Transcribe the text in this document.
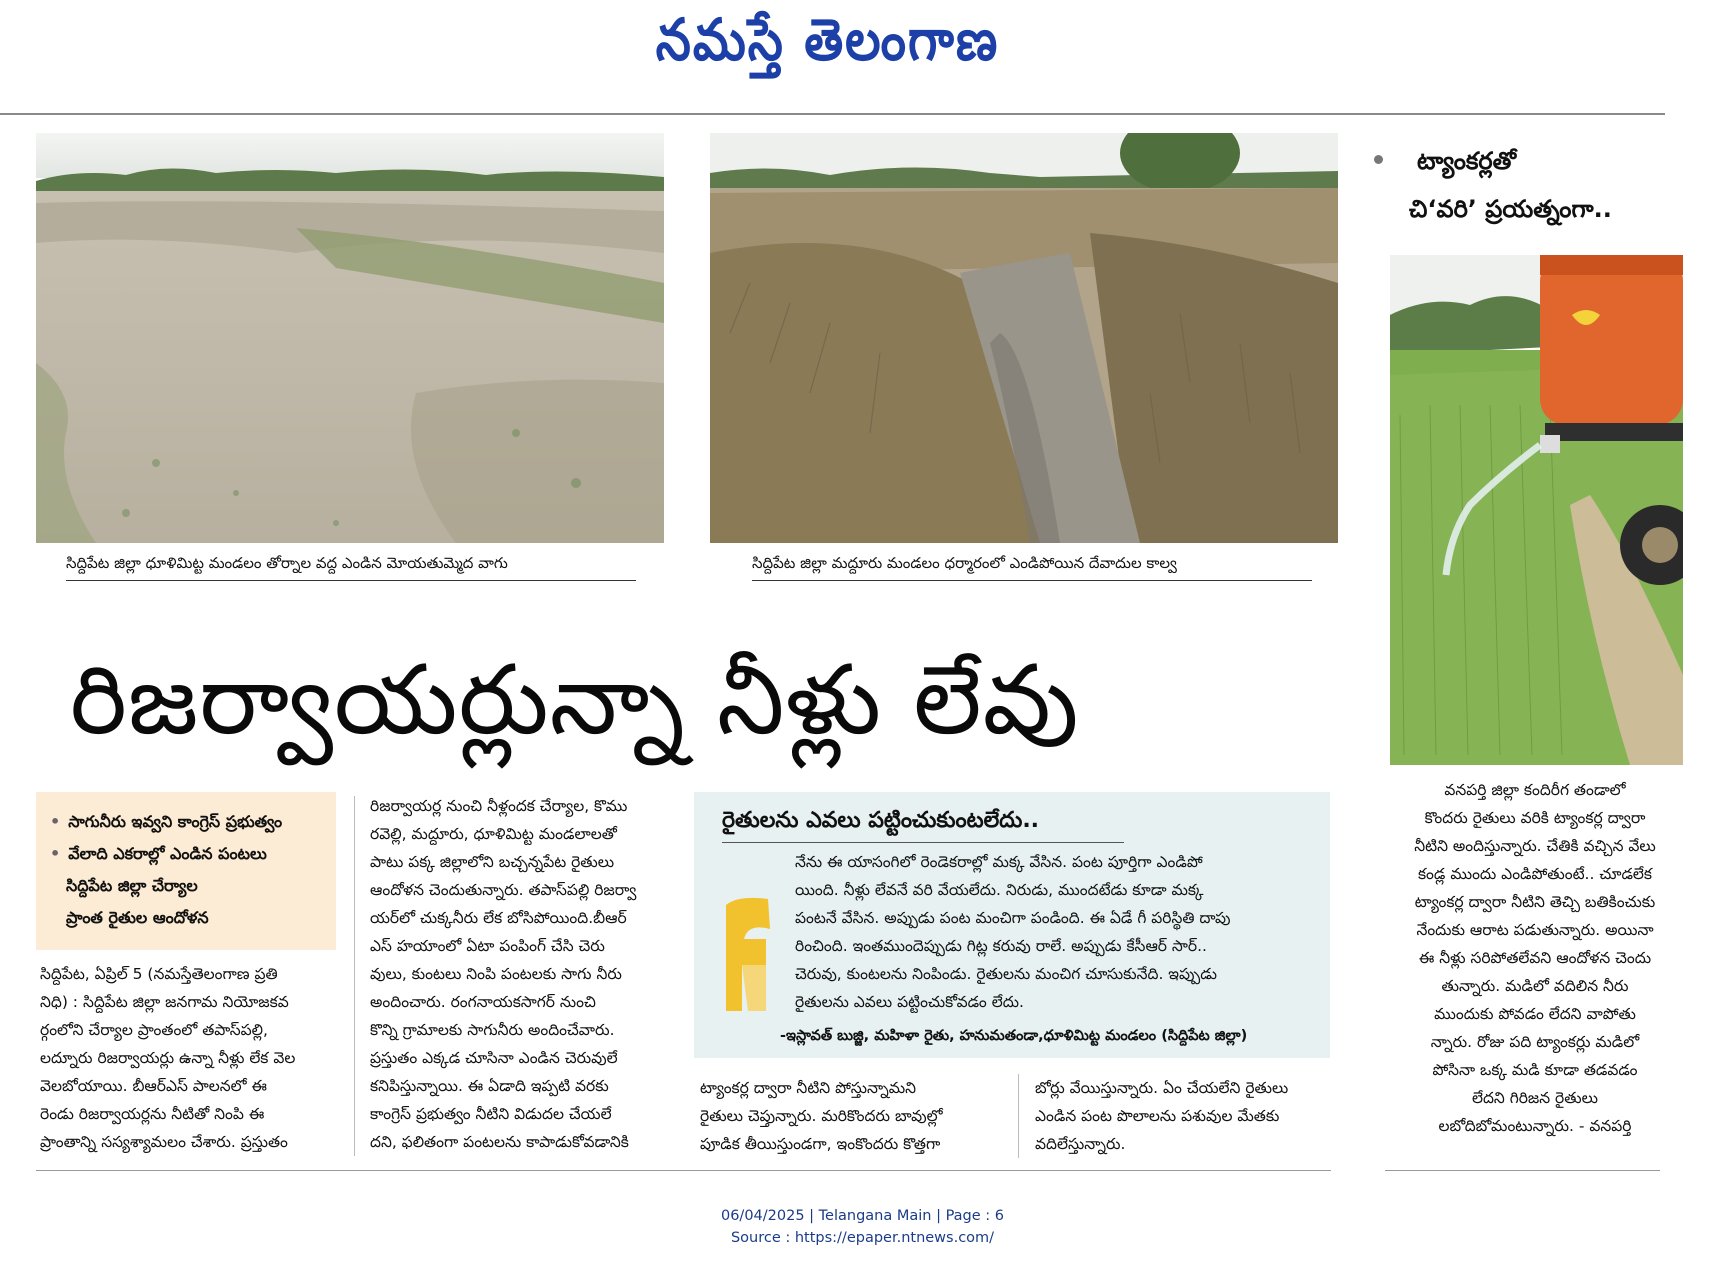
నమస్తే తెలంగాణ
సిద్దిపేట జిల్లా ధూళిమిట్ట మండలం తోర్నాల వద్ద ఎండిన మోయతుమ్మెద వాగు	సిద్దిపేట జిల్లా మద్దూరు మండలం ధర్మారంలో ఎండిపోయిన దేవాదుల కాల్వ
ట్యాంకర్లతో
చి‘వరి’ ప్రయత్నంగా..
వనపర్తి జిల్లా కందిరీగ తండాలో
కొందరు రైతులు వరికి ట్యాంకర్ల ద్వారా
నీటిని అందిస్తున్నారు. చేతికి వచ్చిన వేలు
కండ్ల ముందు ఎండిపోతుంటే.. చూడలేక
ట్యాంకర్ల ద్వారా నీటిని తెచ్చి బతికించుకు
నేందుకు ఆరాట పడుతున్నారు. అయినా
ఈ నీళ్లు సరిపోతలేవని ఆందోళన చెందు
తున్నారు. మడిలో వదిలిన నీరు
ముందుకు పోవడం లేదని వాపోతు
న్నారు. రోజు పది ట్యాంకర్లు మడిలో
పోసినా ఒక్క మడి కూడా తడవడం
లేదని గిరిజన రైతులు
లబోదిబోమంటున్నారు. - వనపర్తి
రిజర్వాయర్లున్నా నీళ్లు లేవు
• సాగునీరు ఇవ్వని కాంగ్రెస్ ప్రభుత్వం
• వేలాది ఎకరాల్లో ఎండిన పంటలు
సిద్దిపేట జిల్లా చేర్యాల
ప్రాంత రైతుల ఆందోళన
సిద్దిపేట, ఏప్రిల్ 5 (నమస్తేతెలంగాణ ప్రతి
నిధి) : సిద్దిపేట జిల్లా జనగామ నియోజకవ
ర్గంలోని చేర్యాల ప్రాంతంలో తపాస్‌పల్లి,
లద్నూరు రిజర్వాయర్లు ఉన్నా నీళ్లు లేక వెల
వెలబోయాయి. బీఆర్‌ఎస్ పాలనలో ఈ
రెండు రిజర్వాయర్లను నీటితో నింపి ఈ
ప్రాంతాన్ని సస్యశ్యామలం చేశారు. ప్రస్తుతం
రిజర్వాయర్ల నుంచి నీళ్లందక చేర్యాల, కొము
రవెల్లి, మద్దూరు, ధూళిమిట్ట మండలాలతో
పాటు పక్క జిల్లాలోని బచ్చన్నపేట రైతులు
ఆందోళన చెందుతున్నారు. తపాస్‌పల్లి రిజర్వా
యర్‌లో చుక్కనీరు లేక బోసిపోయింది.బీఆర్
ఎస్ హయాంలో ఏటా పంపింగ్ చేసి చెరు
వులు, కుంటలు నింపి పంటలకు సాగు నీరు
అందించారు. రంగనాయకసాగర్ నుంచి
కొన్ని గ్రామాలకు సాగునీరు అందించేవారు.
ప్రస్తుతం ఎక్కడ చూసినా ఎండిన చెరువులే
కనిపిస్తున్నాయి. ఈ ఏడాది ఇప్పటి వరకు
కాంగ్రెస్ ప్రభుత్వం నీటిని విడుదల చేయలే
దని, ఫలితంగా పంటలను కాపాడుకోవడానికి
రైతులను ఎవలు పట్టించుకుంటలేదు..
నేను ఈ యాసంగిలో రెండెకరాల్లో మక్క వేసిన. పంట పూర్తిగా ఎండిపో
యింది. నీళ్లు లేవనే వరి వేయలేదు. నిరుడు, ముందటేడు కూడా మక్క
పంటనే వేసిన. అప్పుడు పంట మంచిగా పండింది. ఈ ఏడే గీ పరిస్థితి దాపు
రించింది. ఇంతముందెప్పుడు గిట్ల కరువు రాలే. అప్పుడు కేసీఆర్ సార్..
చెరువు, కుంటలను నింపిండు. రైతులను మంచిగ చూసుకునేది. ఇప్పుడు
రైతులను ఎవలు పట్టించుకోవడం లేదు.
-ఇస్లావత్ బుజ్జి, మహిళా రైతు, హనుమతండా,ధూళిమిట్ట మండలం (సిద్దిపేట జిల్లా)
ట్యాంకర్ల ద్వారా నీటిని పోస్తున్నామని
రైతులు చెప్తున్నారు. మరికొందరు బావుల్లో
పూడిక తీయిస్తుండగా, ఇంకొందరు కొత్తగా
బోర్లు వేయిస్తున్నారు. ఏం చేయలేని రైతులు
ఎండిన పంట పొలాలను పశువుల మేతకు
వదిలేస్తున్నారు.
06/04/2025 | Telangana Main | Page : 6
Source : https://epaper.ntnews.com/
